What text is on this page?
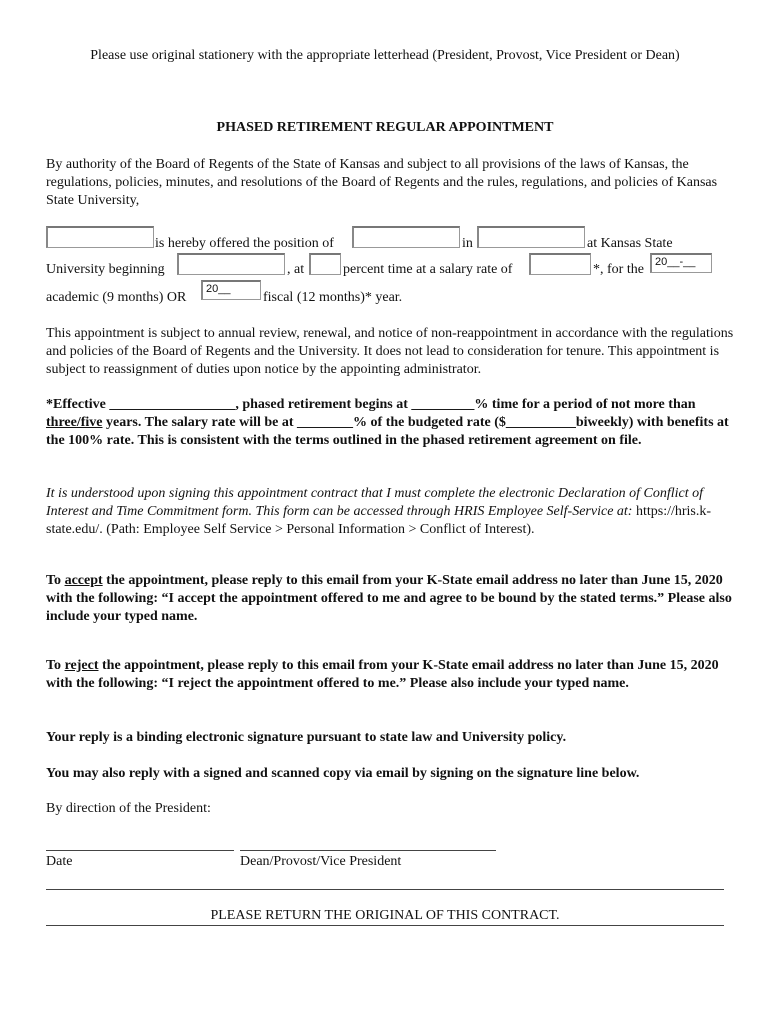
Please use original stationery with the appropriate letterhead (President, Provost, Vice President or Dean)
PHASED RETIREMENT REGULAR APPOINTMENT
By authority of the Board of Regents of the State of Kansas and subject to all provisions of the laws of Kansas, the regulations, policies, minutes, and resolutions of the Board of Regents and the rules, regulations, and policies of Kansas State University,
is hereby offered the position of	in	at Kansas State
University beginning	, at	percent time at a salary rate of	*, for the	20__-__
academic (9 months) OR
20__
fiscal (12 months)* year.
This appointment is subject to annual review, renewal, and notice of non-reappointment in accordance with the regulations and policies of the Board of Regents and the University. It does not lead to consideration for tenure. This appointment is subject to reassignment of duties upon notice by the appointing administrator.
*Effective __________________, phased retirement begins at _________% time for a period of not more than three/five years. The salary rate will be at ________% of the budgeted rate ($__________biweekly) with benefits at the 100% rate. This is consistent with the terms outlined in the phased retirement agreement on file.
It is understood upon signing this appointment contract that I must complete the electronic Declaration of Conflict of Interest and Time Commitment form. This form can be accessed through HRIS Employee Self-Service at: https://hris.k-state.edu/. (Path: Employee Self Service > Personal Information > Conflict of Interest).
To accept the appointment, please reply to this email from your K-State email address no later than June 15, 2020 with the following: “I accept the appointment offered to me and agree to be bound by the stated terms.” Please also include your typed name.
To reject the appointment, please reply to this email from your K-State email address no later than June 15, 2020 with the following: “I reject the appointment offered to me.” Please also include your typed name.
Your reply is a binding electronic signature pursuant to state law and University policy.
You may also reply with a signed and scanned copy via email by signing on the signature line below.
By direction of the President:
Date	Dean/Provost/Vice President
PLEASE RETURN THE ORIGINAL OF THIS CONTRACT.
